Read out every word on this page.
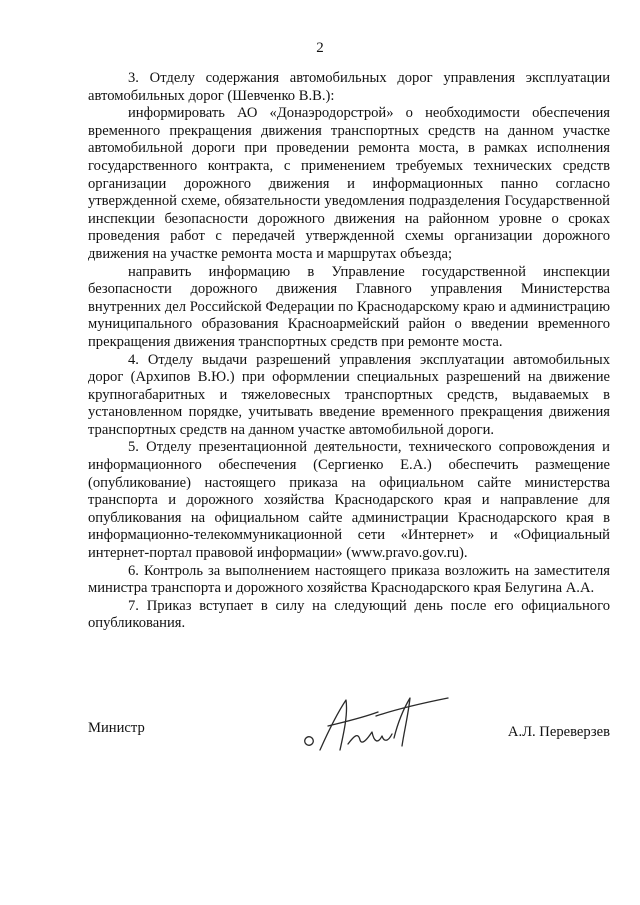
2

3. Отделу содержания автомобильных дорог управления эксплуатации автомобильных дорог (Шевченко В.В.):

информировать АО «Донаэродорстрой» о необходимости обеспечения временного прекращения движения транспортных средств на данном участке автомобильной дороги при проведении ремонта моста, в рамках исполнения государственного контракта, с применением требуемых технических средств организации дорожного движения и информационных панно согласно утвержденной схеме, обязательности уведомления подразделения Государственной инспекции безопасности дорожного движения на районном уровне о сроках проведения работ с передачей утвержденной схемы организации дорожного движения на участке ремонта моста и маршрутах объезда;

направить информацию в Управление государственной инспекции безопасности дорожного движения Главного управления Министерства внутренних дел Российской Федерации по Краснодарскому краю и администрацию муниципального образования Красноармейский район о введении временного прекращения движения транспортных средств при ремонте моста.

4. Отделу выдачи разрешений управления эксплуатации автомобильных дорог (Архипов В.Ю.) при оформлении специальных разрешений на движение крупногабаритных и тяжеловесных транспортных средств, выдаваемых в установленном порядке, учитывать введение временного прекращения движения транспортных средств на данном участке автомобильной дороги.

5. Отделу презентационной деятельности, технического сопровождения и информационного обеспечения (Сергиенко Е.А.) обеспечить размещение (опубликование) настоящего приказа на официальном сайте министерства транспорта и дорожного хозяйства Краснодарского края и направление для опубликования на официальном сайте администрации Краснодарского края в информационно-телекоммуникационной сети «Интернет» и «Официальный интернет-портал правовой информации» (www.pravo.gov.ru).

6. Контроль за выполнением настоящего приказа возложить на заместителя министра транспорта и дорожного хозяйства Краснодарского края Белугина А.А.

7. Приказ вступает в силу на следующий день после его официального опубликования.

Министр	А.Л. Переверзев
